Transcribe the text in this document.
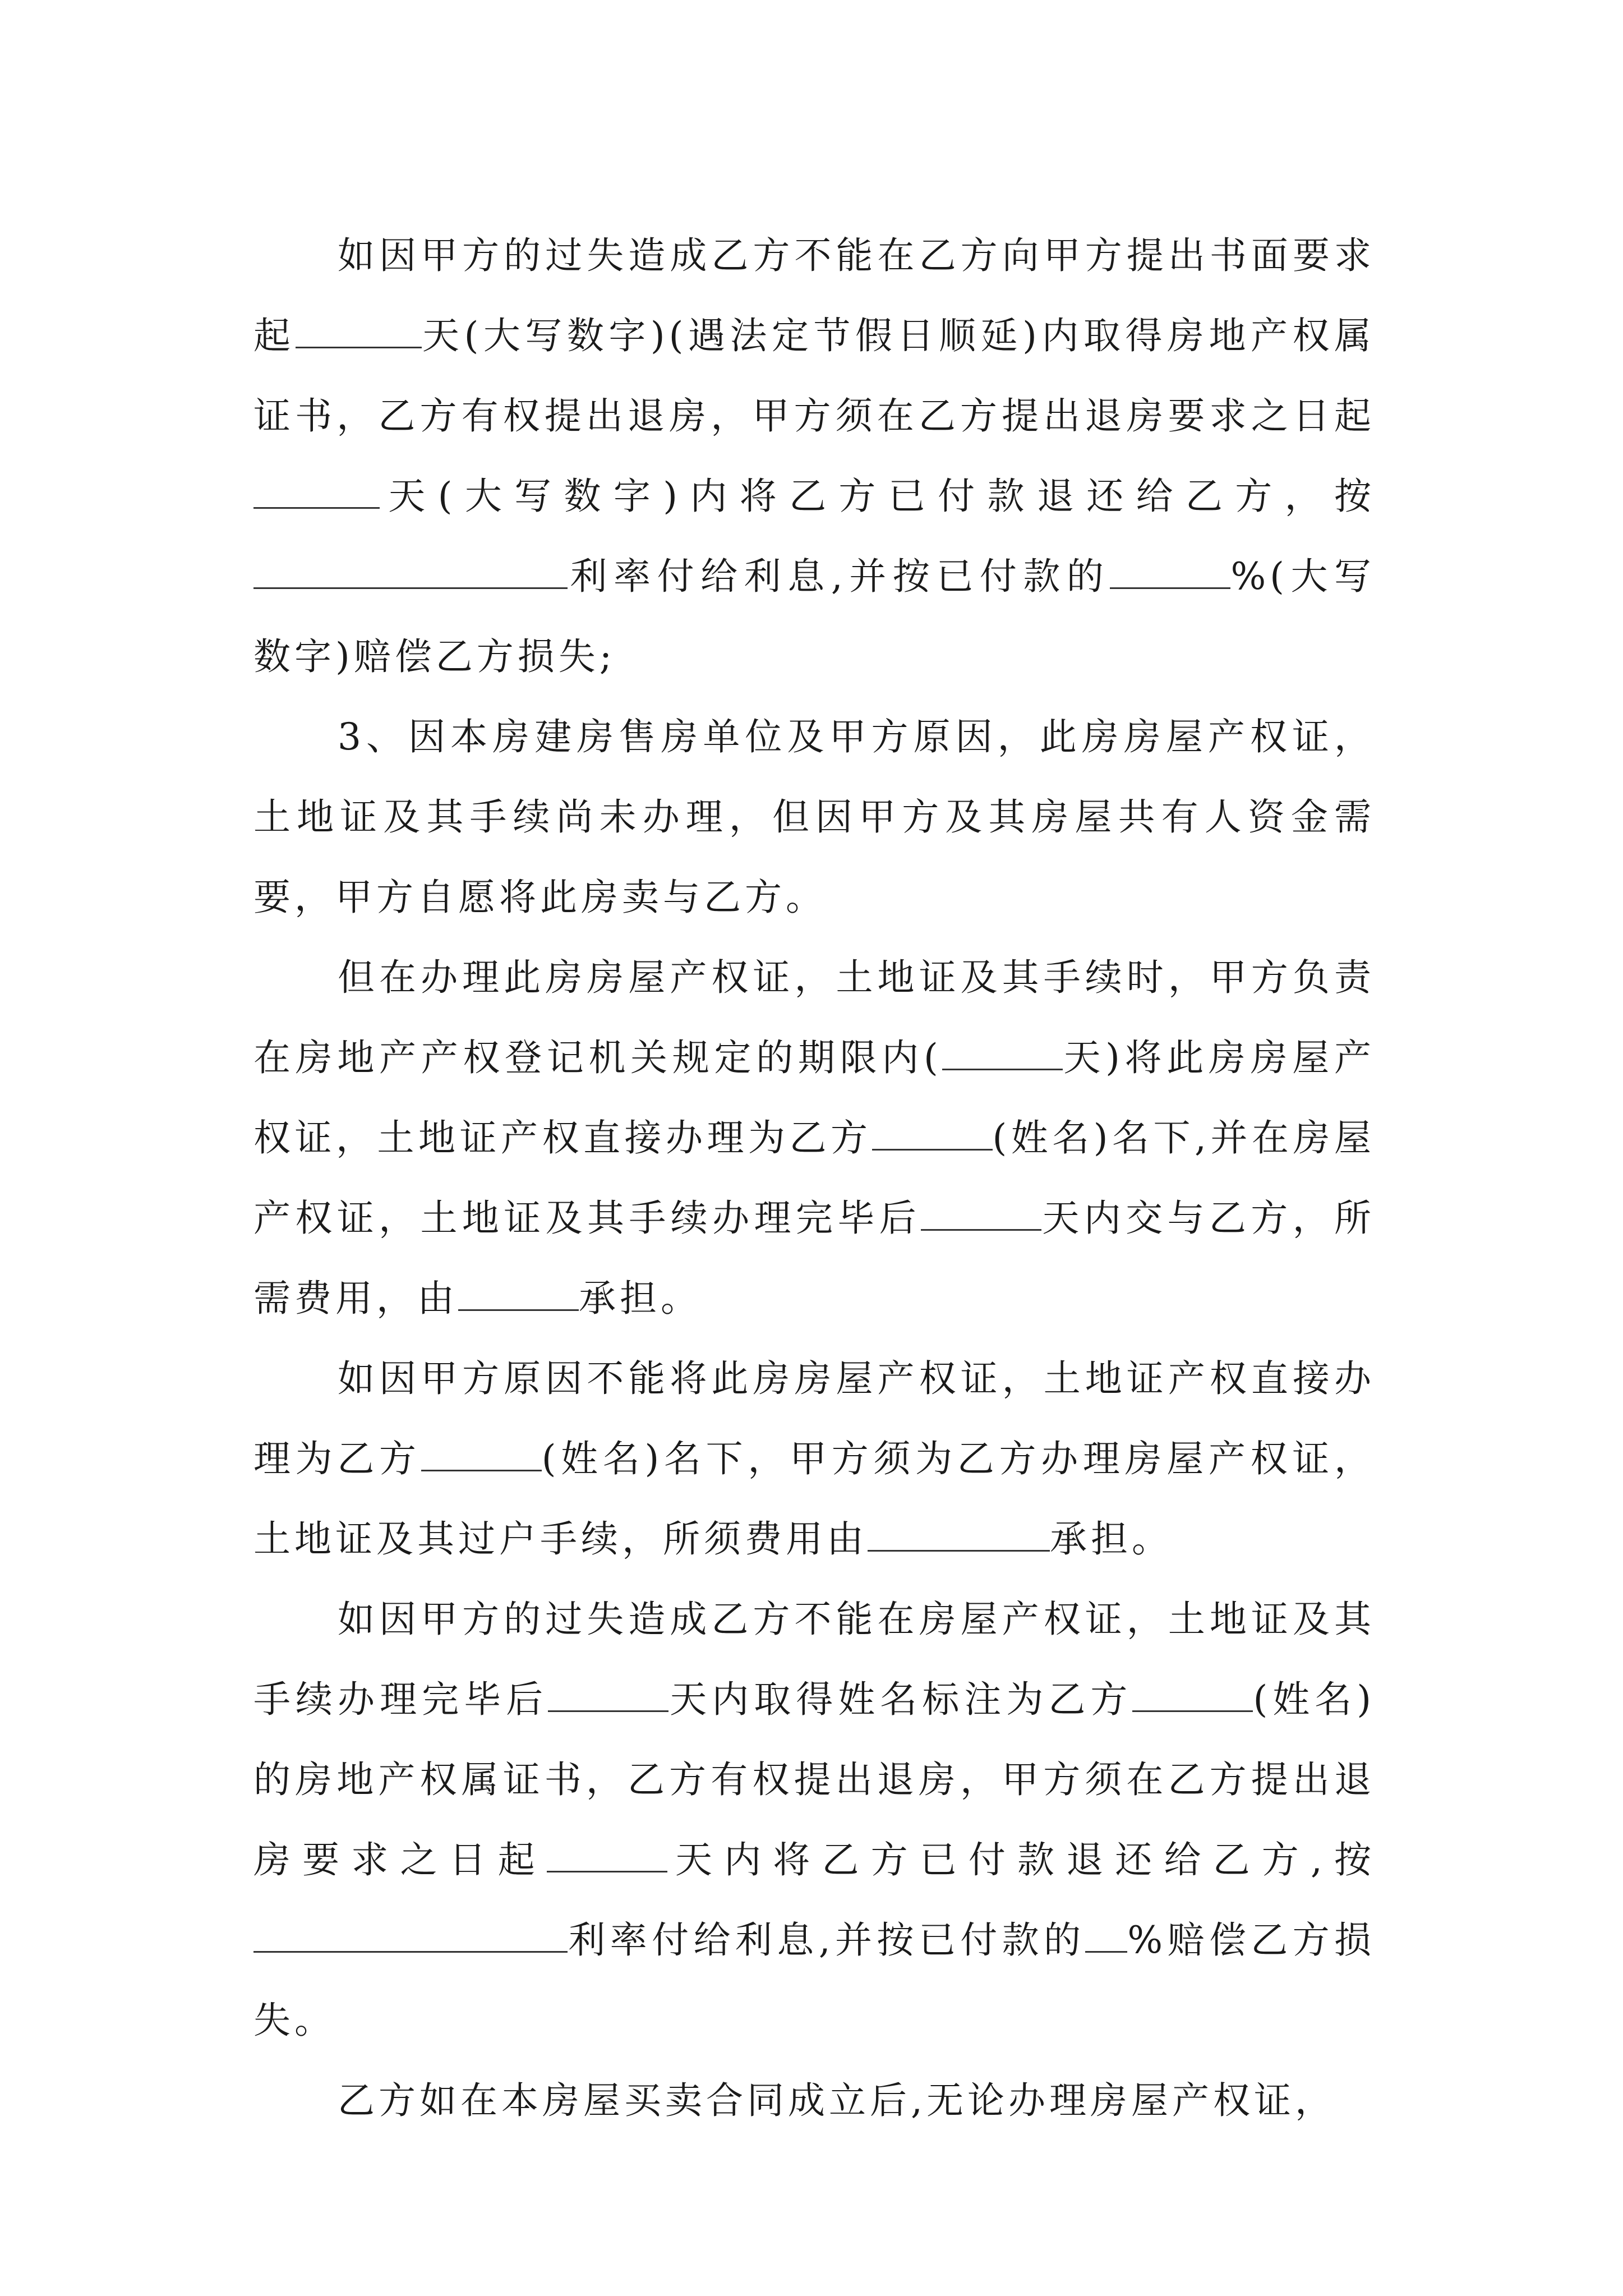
如因甲方的过失造成乙方不能在乙方向甲方提出书面要求起	天(大写数字)(遇法定节假日顺延)内取得房地产权属证书，乙方有权提出退房，甲方须在乙方提出退房要求之日起天(大写数字)内将乙方已付款退还给乙方，按利率付给利息,并按已付款的	%(大写数字)赔偿乙方损失;

3、因本房建房售房单位及甲方原因，此房房屋产权证，土地证及其手续尚未办理，但因甲方及其房屋共有人资金需要，甲方自愿将此房卖与乙方。

但在办理此房房屋产权证，土地证及其手续时，甲方负责在房地产产权登记机关规定的期限内(	天)将此房房屋产权证，土地证产权直接办理为乙方	(姓名)名下,并在房屋产权证，土地证及其手续办理完毕后	天内交与乙方，所需费用，由	承担。

如因甲方原因不能将此房房屋产权证，土地证产权直接办理为乙方	(姓名)名下，甲方须为乙方办理房屋产权证，土地证及其过户手续，所须费用由	承担。

如因甲方的过失造成乙方不能在房屋产权证，土地证及其手续办理完毕后	天内取得姓名标注为乙方	(姓名)的房地产权属证书，乙方有权提出退房，甲方须在乙方提出退房要求之日起	天内将乙方已付款退还给乙方,按利率付给利息,并按已付款的 %赔偿乙方损失。

乙方如在本房屋买卖合同成立后,无论办理房屋产权证，
